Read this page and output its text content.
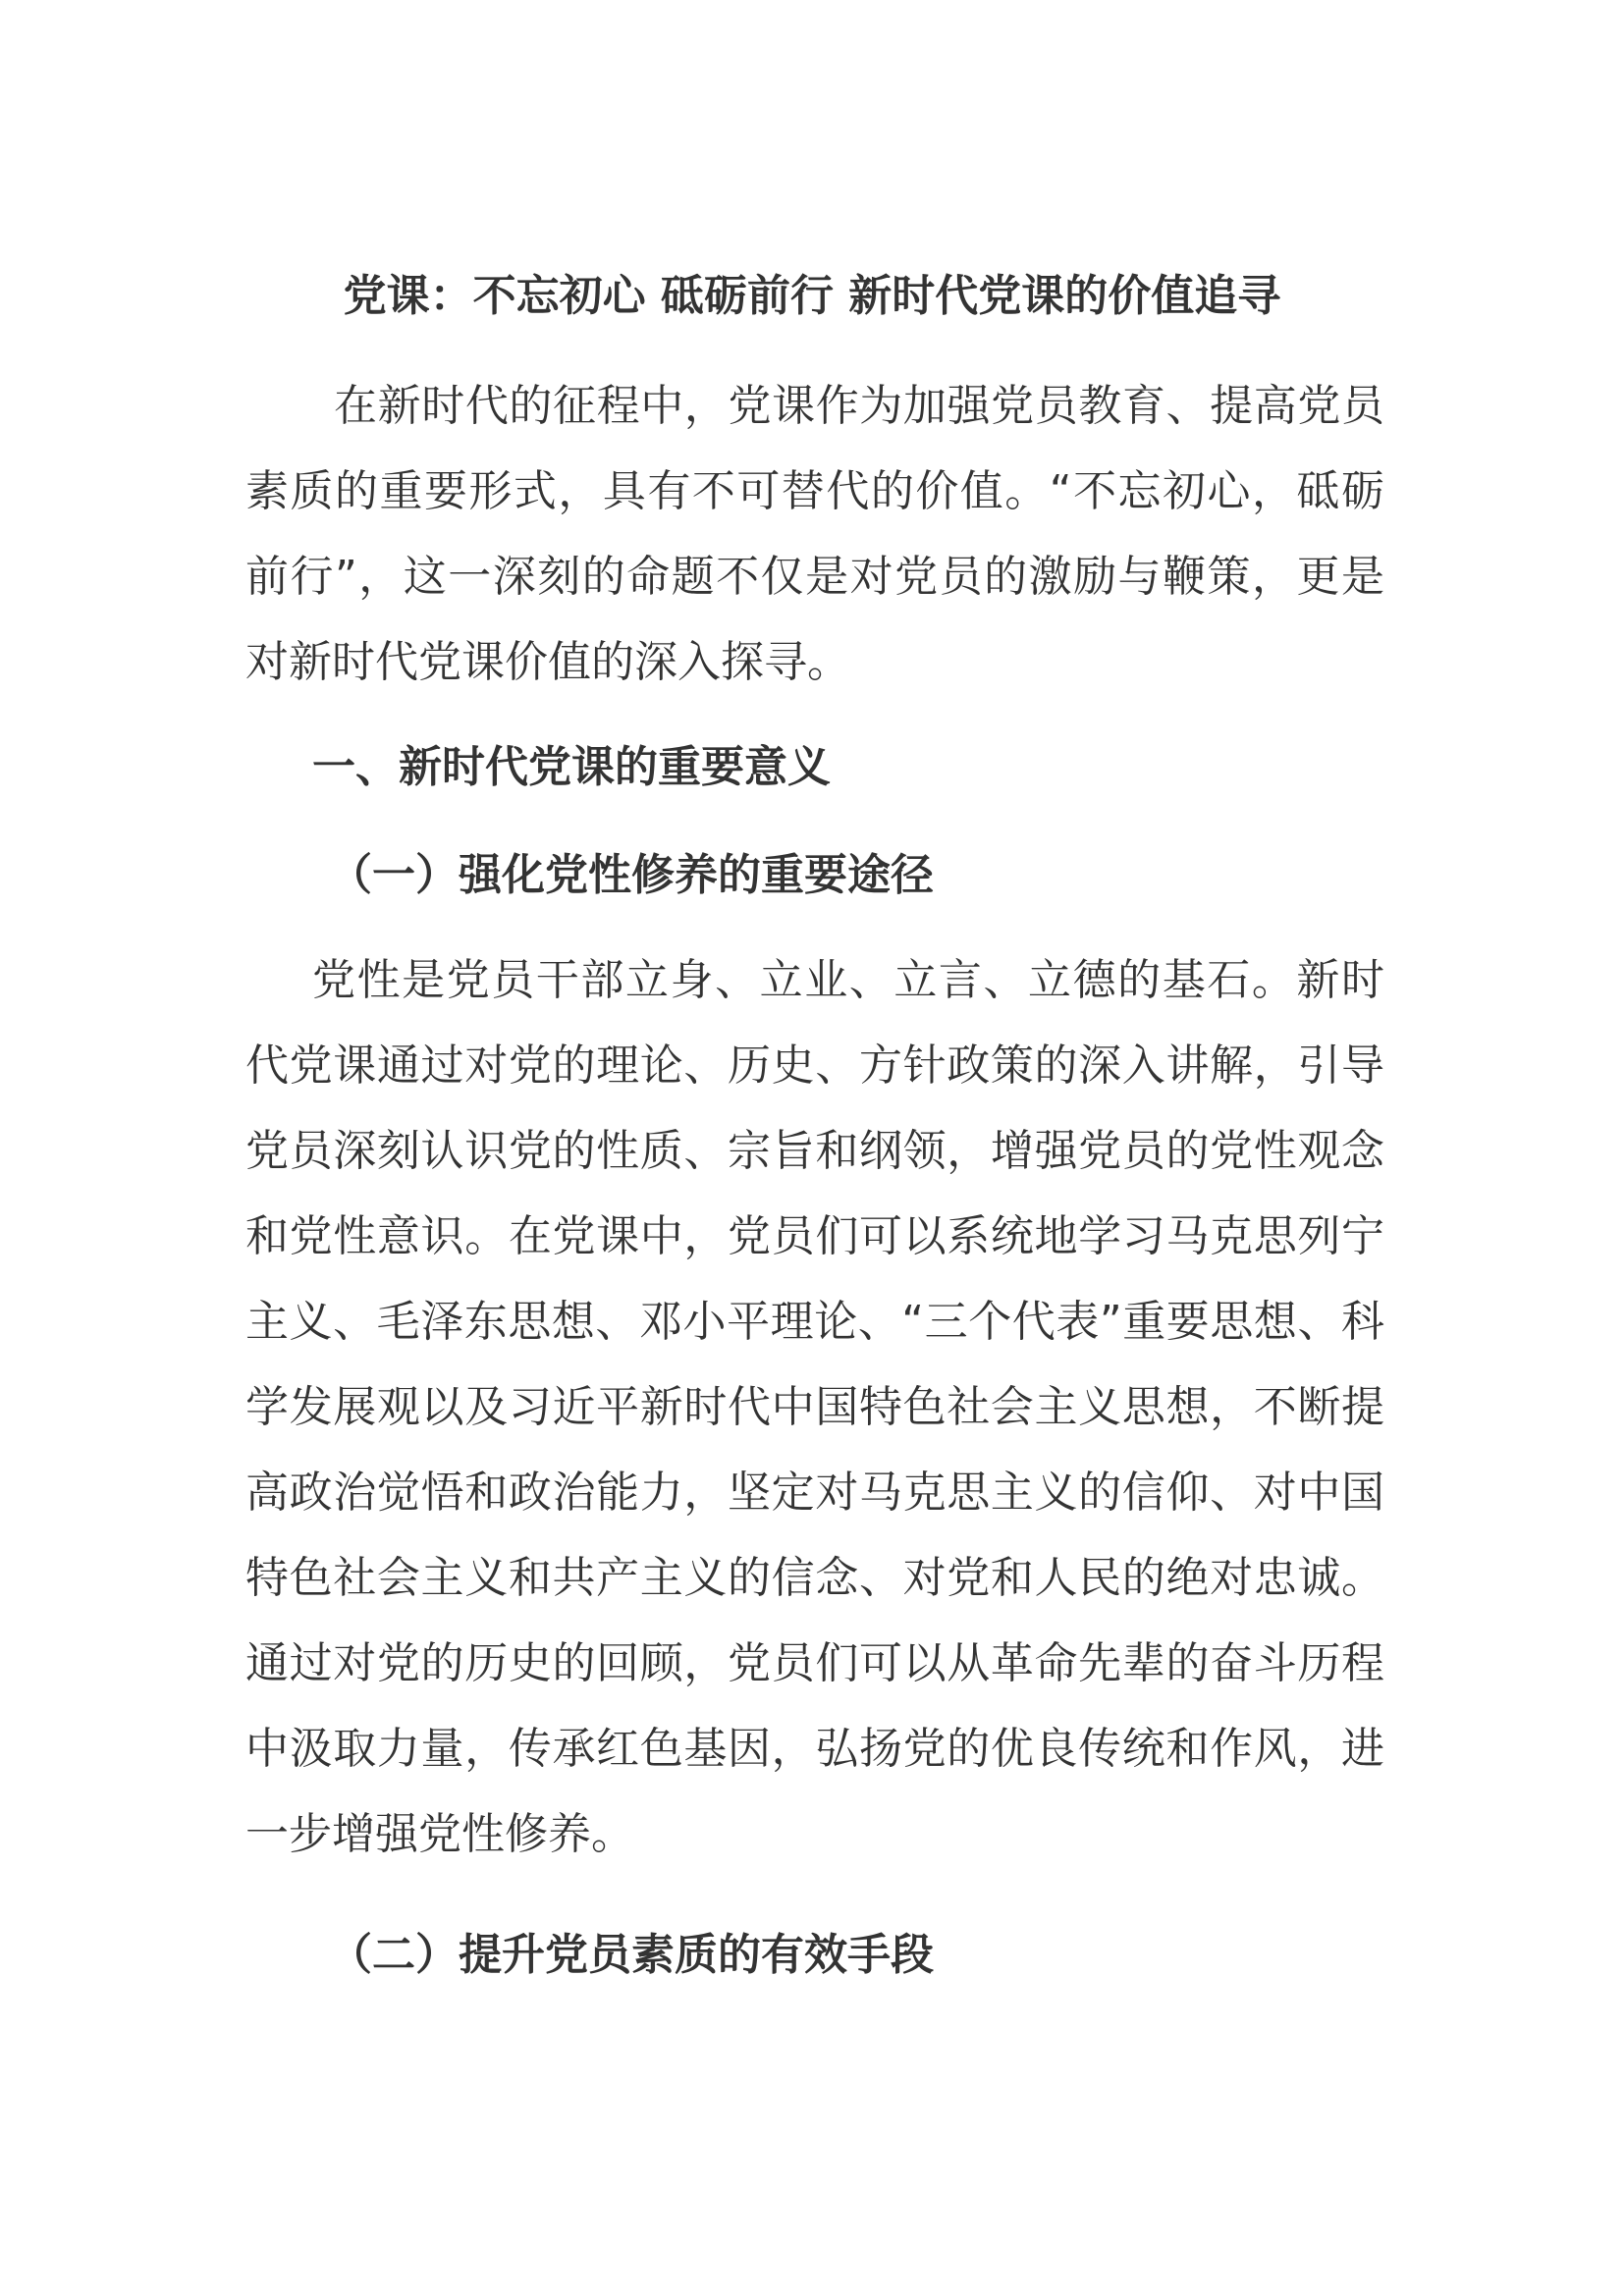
党课：不忘初心 砥砺前行 新时代党课的价值追寻
在新时代的征程中，党课作为加强党员教育、提高党员素质的重要形式，具有不可替代的价值。“不忘初心，砥砺前行”，这一深刻的命题不仅是对党员的激励与鞭策，更是对新时代党课价值的深入探寻。
一、新时代党课的重要意义
（一）强化党性修养的重要途径
党性是党员干部立身、立业、立言、立德的基石。新时代党课通过对党的理论、历史、方针政策的深入讲解，引导党员深刻认识党的性质、宗旨和纲领，增强党员的党性观念和党性意识。在党课中，党员们可以系统地学习马克思列宁主义、毛泽东思想、邓小平理论、“三个代表”重要思想、科学发展观以及习近平新时代中国特色社会主义思想，不断提高政治觉悟和政治能力，坚定对马克思主义的信仰、对中国特色社会主义和共产主义的信念、对党和人民的绝对忠诚。通过对党的历史的回顾，党员们可以从革命先辈的奋斗历程中汲取力量，传承红色基因，弘扬党的优良传统和作风，进一步增强党性修养。
（二）提升党员素质的有效手段
